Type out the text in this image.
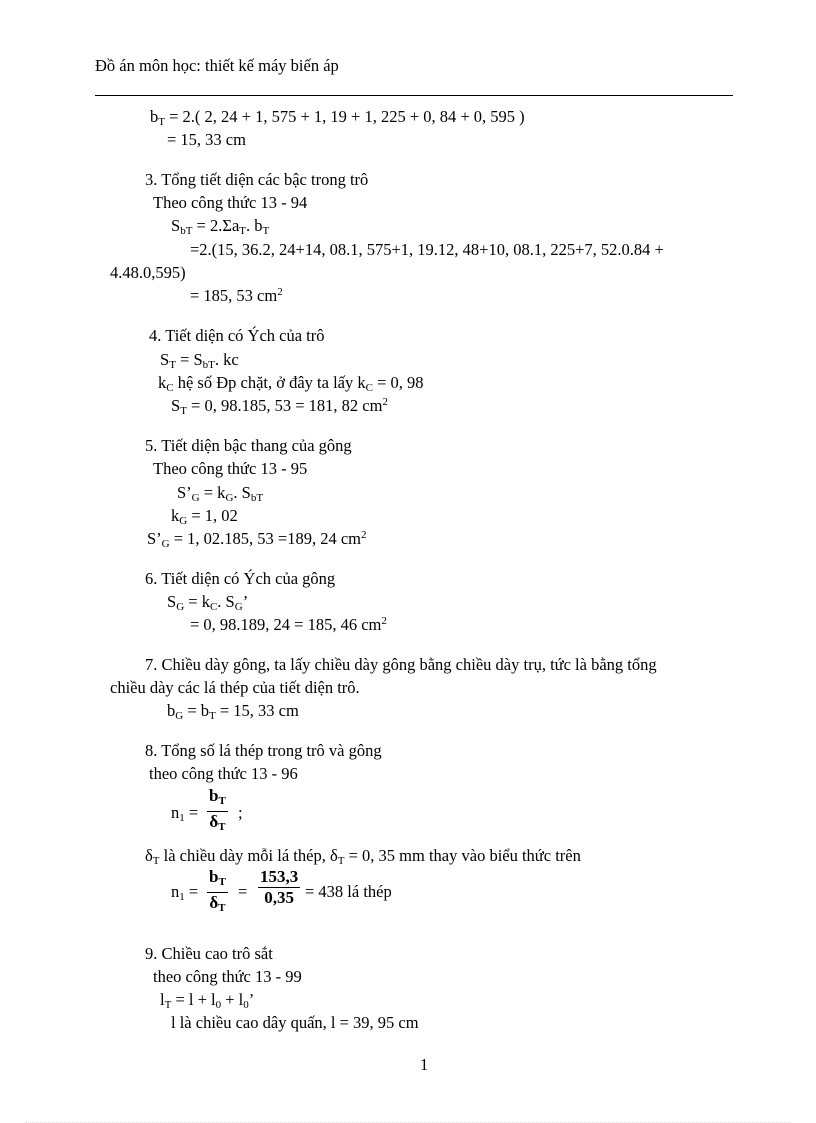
Đồ án môn học: thiết kế máy biến áp
$b_T = 2$.( 2, 24 + 1, 575 + 1, 19 + 1, 225 + 0, 84 + 0, 595 )
= 15, 33 cm
3. Tổng tiết diện các bậc trong trô
Theo công thức 13 - 94
$S_{bT} = 2.\Sigma a_T$. $b_T$
=2.(15, 36.2, 24+14, 08.1, 575+1, 19.12, 48+10, 08.1, 225+7, 52.0.84 +
4.48.0,595)
= 185, 53 $cm^2$
4. Tiết diện có Ých của trô
$S_T = S_{bT}$. kc
$k_C$ hệ số Ðp chặt, ở đây ta lấy $k_C = 0$, 98
$S_T = 0$, 98.185, 53 = 181, 82 $cm^2$
5. Tiết diện bậc thang của gông
Theo công thức 13 - 95
$S’_G = k_G$. $S_{bT}$
$k_G = 1$, 02
$S’_G = 1$, 02.185, 53 =189, 24 $cm^2$
6. Tiết diện có Ých của gông
$S_G = k_C$. $S_G$’
= 0, 98.189, 24 = 185, 46 $cm^2$
7. Chiều dày gông, ta lấy chiều dày gông bằng chiều dày trụ, tức là bằng tổng
chiều dày các lá thép của tiết diện trô.
$b_G = b_T = 15$, 33 cm
8. Tổng số lá thép trong trô và gông
theo công thức 13 - 96
$n_1$ =
bT
δT
;
$\delta_T$ là chiều dày mỗi lá thép, $\delta_T = 0$, 35 mm thay vào biểu thức trên
$n_1$ =
bT
δT
=
153,3
0,35 = 438 lá thép
9. Chiều cao trô sắt
theo công thức 13 - 99
$l_T = l + l_0 + l_0$’
l là chiều cao dây quấn, l = 39, 95 cm
1
